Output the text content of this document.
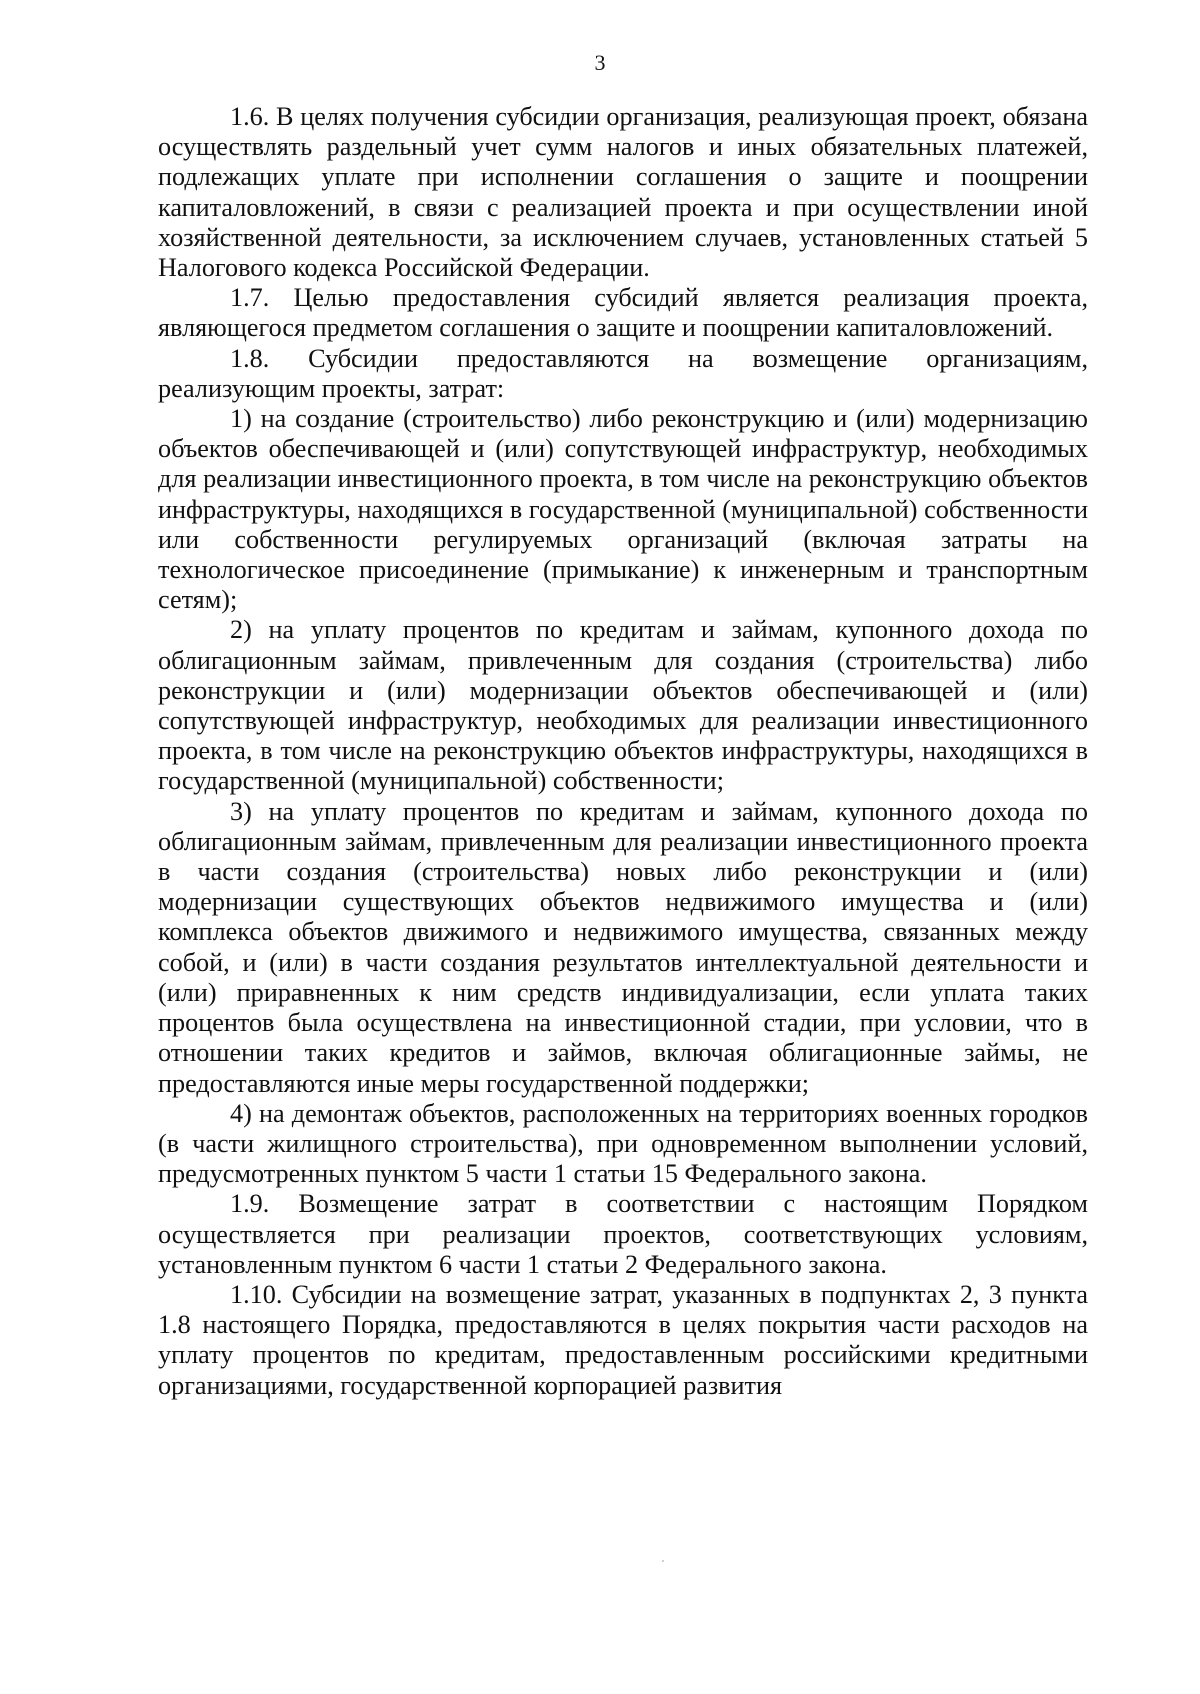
3

1.6. В целях получения субсидии организация, реализующая проект, обязана осуществлять раздельный учет сумм налогов и иных обязательных платежей, подлежащих уплате при исполнении соглашения о защите и поощрении капиталовложений, в связи с реализацией проекта и при осуществлении иной хозяйственной деятельности, за исключением случаев, установленных статьей 5 Налогового кодекса Российской Федерации.

1.7. Целью предоставления субсидий является реализация проекта, являющегося предметом соглашения о защите и поощрении капиталовложений.

1.8. Субсидии предоставляются на возмещение организациям, реализующим проекты, затрат:

1) на создание (строительство) либо реконструкцию и (или) модернизацию объектов обеспечивающей и (или) сопутствующей инфраструктур, необходимых для реализации инвестиционного проекта, в том числе на реконструкцию объектов инфраструктуры, находящихся в государственной (муниципальной) собственности или собственности регулируемых организаций (включая затраты на технологическое присоединение (примыкание) к инженерным и транспортным сетям);

2) на уплату процентов по кредитам и займам, купонного дохода по облигационным займам, привлеченным для создания (строительства) либо реконструкции и (или) модернизации объектов обеспечивающей и (или) сопутствующей инфраструктур, необходимых для реализации инвестиционного проекта, в том числе на реконструкцию объектов инфраструктуры, находящихся в государственной (муниципальной) собственности;

3) на уплату процентов по кредитам и займам, купонного дохода по облигационным займам, привлеченным для реализации инвестиционного проекта в части создания (строительства) новых либо реконструкции и (или) модернизации существующих объектов недвижимого имущества и (или) комплекса объектов движимого и недвижимого имущества, связанных между собой, и (или) в части создания результатов интеллектуальной деятельности и (или) приравненных к ним средств индивидуализации, если уплата таких процентов была осуществлена на инвестиционной стадии, при условии, что в отношении таких кредитов и займов, включая облигационные займы, не предоставляются иные меры государственной поддержки;

4) на демонтаж объектов, расположенных на территориях военных городков (в части жилищного строительства), при одновременном выполнении условий, предусмотренных пунктом 5 части 1 статьи 15 Федерального закона.

1.9. Возмещение затрат в соответствии с настоящим Порядком осуществляется при реализации проектов, соответствующих условиям, установленным пунктом 6 части 1 статьи 2 Федерального закона.

1.10. Субсидии на возмещение затрат, указанных в подпунктах 2, 3 пункта 1.8 настоящего Порядка, предоставляются в целях покрытия части расходов на уплату процентов по кредитам, предоставленным российскими кредитными организациями, государственной корпорацией развития
